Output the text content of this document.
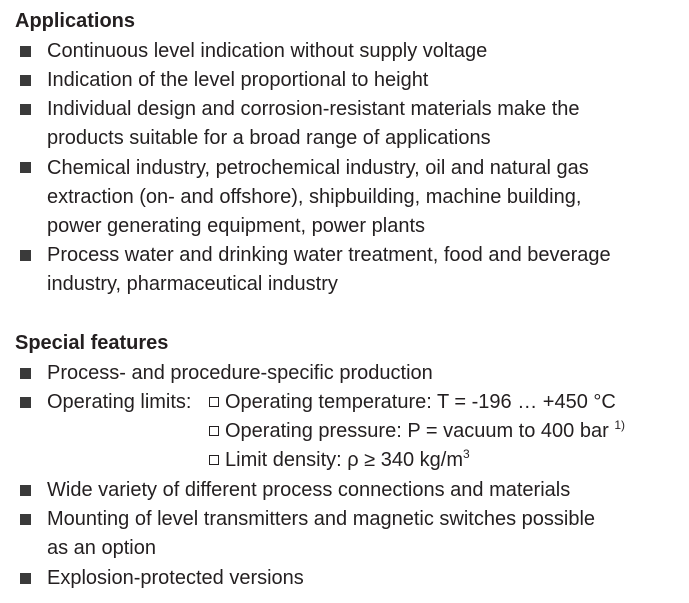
Applications
Continuous level indication without supply voltage
Indication of the level proportional to height
Individual design and corrosion-resistant materials make the
products suitable for a broad range of applications
Chemical industry, petrochemical industry, oil and natural gas
extraction (on- and offshore), shipbuilding, machine building,
power generating equipment, power plants
Process water and drinking water treatment, food and beverage
industry, pharmaceutical industry
Special features
Process- and procedure-specific production
Operating limits:	Operating temperature: T = -196 … +450 °C
Operating pressure: P = vacuum to 400 bar $^{1)}$
Limit density: ρ ≥ 340 $kg/m^3$
Wide variety of different process connections and materials
Mounting of level transmitters and magnetic switches possible
as an option
Explosion-protected versions
